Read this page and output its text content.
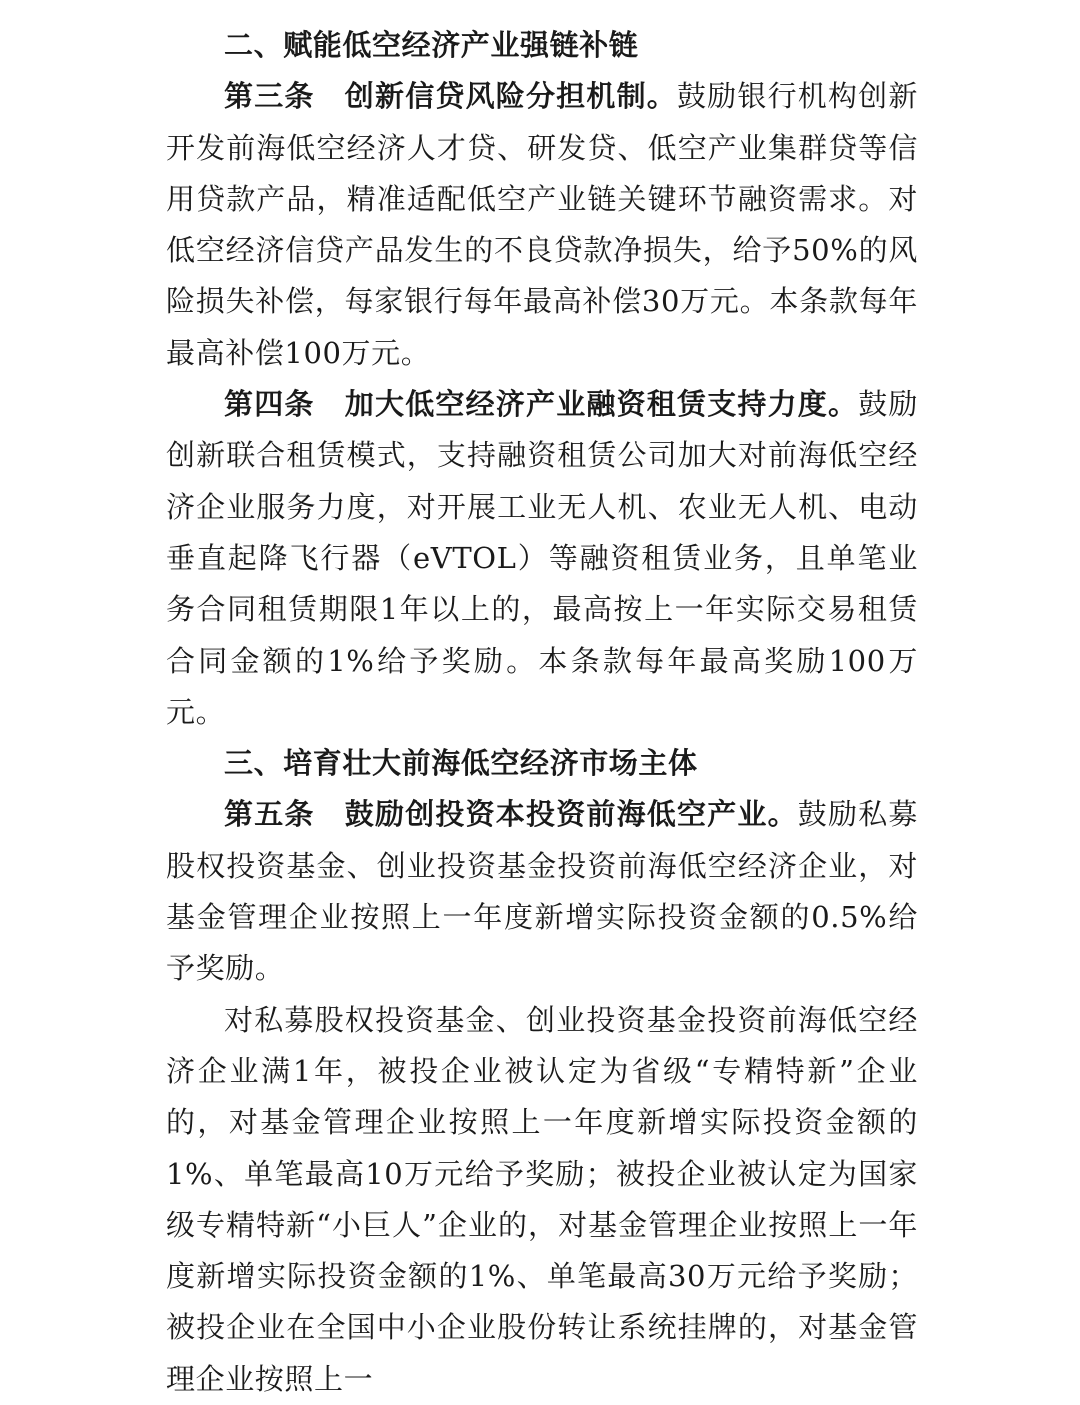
二、赋能低空经济产业强链补链

第三条　创新信贷风险分担机制。鼓励银行机构创新开发前海低空经济人才贷、研发贷、低空产业集群贷等信用贷款产品，精准适配低空产业链关键环节融资需求。对低空经济信贷产品发生的不良贷款净损失，给予50%的风险损失补偿，每家银行每年最高补偿30万元。本条款每年最高补偿100万元。

第四条　加大低空经济产业融资租赁支持力度。鼓励创新联合租赁模式，支持融资租赁公司加大对前海低空经济企业服务力度，对开展工业无人机、农业无人机、电动垂直起降飞行器（eVTOL）等融资租赁业务，且单笔业务合同租赁期限1年以上的，最高按上一年实际交易租赁合同金额的1%给予奖励。本条款每年最高奖励100万元。

三、培育壮大前海低空经济市场主体

第五条　鼓励创投资本投资前海低空产业。鼓励私募股权投资基金、创业投资基金投资前海低空经济企业，对基金管理企业按照上一年度新增实际投资金额的0.5%给予奖励。

对私募股权投资基金、创业投资基金投资前海低空经济企业满1年，被投企业被认定为省级“专精特新”企业的，对基金管理企业按照上一年度新增实际投资金额的1%、单笔最高10万元给予奖励；被投企业被认定为国家级专精特新“小巨人”企业的，对基金管理企业按照上一年度新增实际投资金额的1%、单笔最高30万元给予奖励；被投企业在全国中小企业股份转让系统挂牌的，对基金管理企业按照上一
